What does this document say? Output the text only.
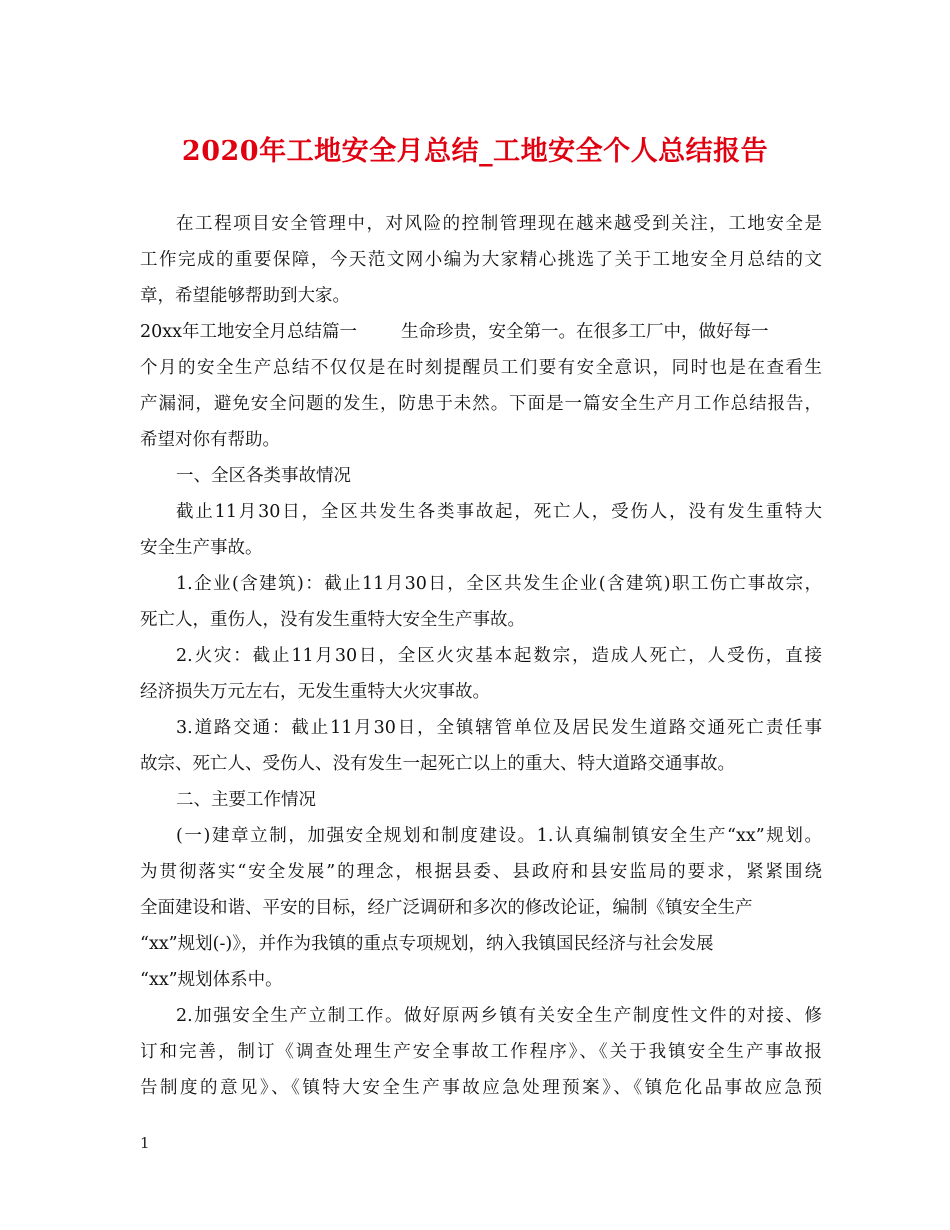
2020年工地安全月总结_工地安全个人总结报告
在工程项目安全管理中，对风险的控制管理现在越来越受到关注，工地安全是
工作完成的重要保障，今天范文网小编为大家精心挑选了关于工地安全月总结的文
章，希望能够帮助到大家。
20xx年工地安全月总结篇一	生命珍贵，安全第一。在很多工厂中，做好每一
个月的安全生产总结不仅仅是在时刻提醒员工们要有安全意识，同时也是在查看生
产漏洞，避免安全问题的发生，防患于未然。下面是一篇安全生产月工作总结报告，
希望对你有帮助。
一、全区各类事故情况
截止11月30日，全区共发生各类事故起，死亡人，受伤人，没有发生重特大
安全生产事故。
1.企业(含建筑)：截止11月30日，全区共发生企业(含建筑)职工伤亡事故宗，
死亡人，重伤人，没有发生重特大安全生产事故。
2.火灾：截止11月30日，全区火灾基本起数宗，造成人死亡，人受伤，直接
经济损失万元左右，无发生重特大火灾事故。
3.道路交通：截止11月30日，全镇辖管单位及居民发生道路交通死亡责任事
故宗、死亡人、受伤人、没有发生一起死亡以上的重大、特大道路交通事故。
二、主要工作情况
(一)建章立制，加强安全规划和制度建设。1.认真编制镇安全生产“xx”规划。
为贯彻落实“安全发展”的理念，根据县委、县政府和县安监局的要求，紧紧围绕
全面建设和谐、平安的目标，经广泛调研和多次的修改论证，编制《镇安全生产
“xx”规划(-)》，并作为我镇的重点专项规划，纳入我镇国民经济与社会发展
“xx”规划体系中。
2.加强安全生产立制工作。做好原两乡镇有关安全生产制度性文件的对接、修
订和完善，制订《调查处理生产安全事故工作程序》、《关于我镇安全生产事故报
告制度的意见》、《镇特大安全生产事故应急处理预案》、《镇危化品事故应急预
1
